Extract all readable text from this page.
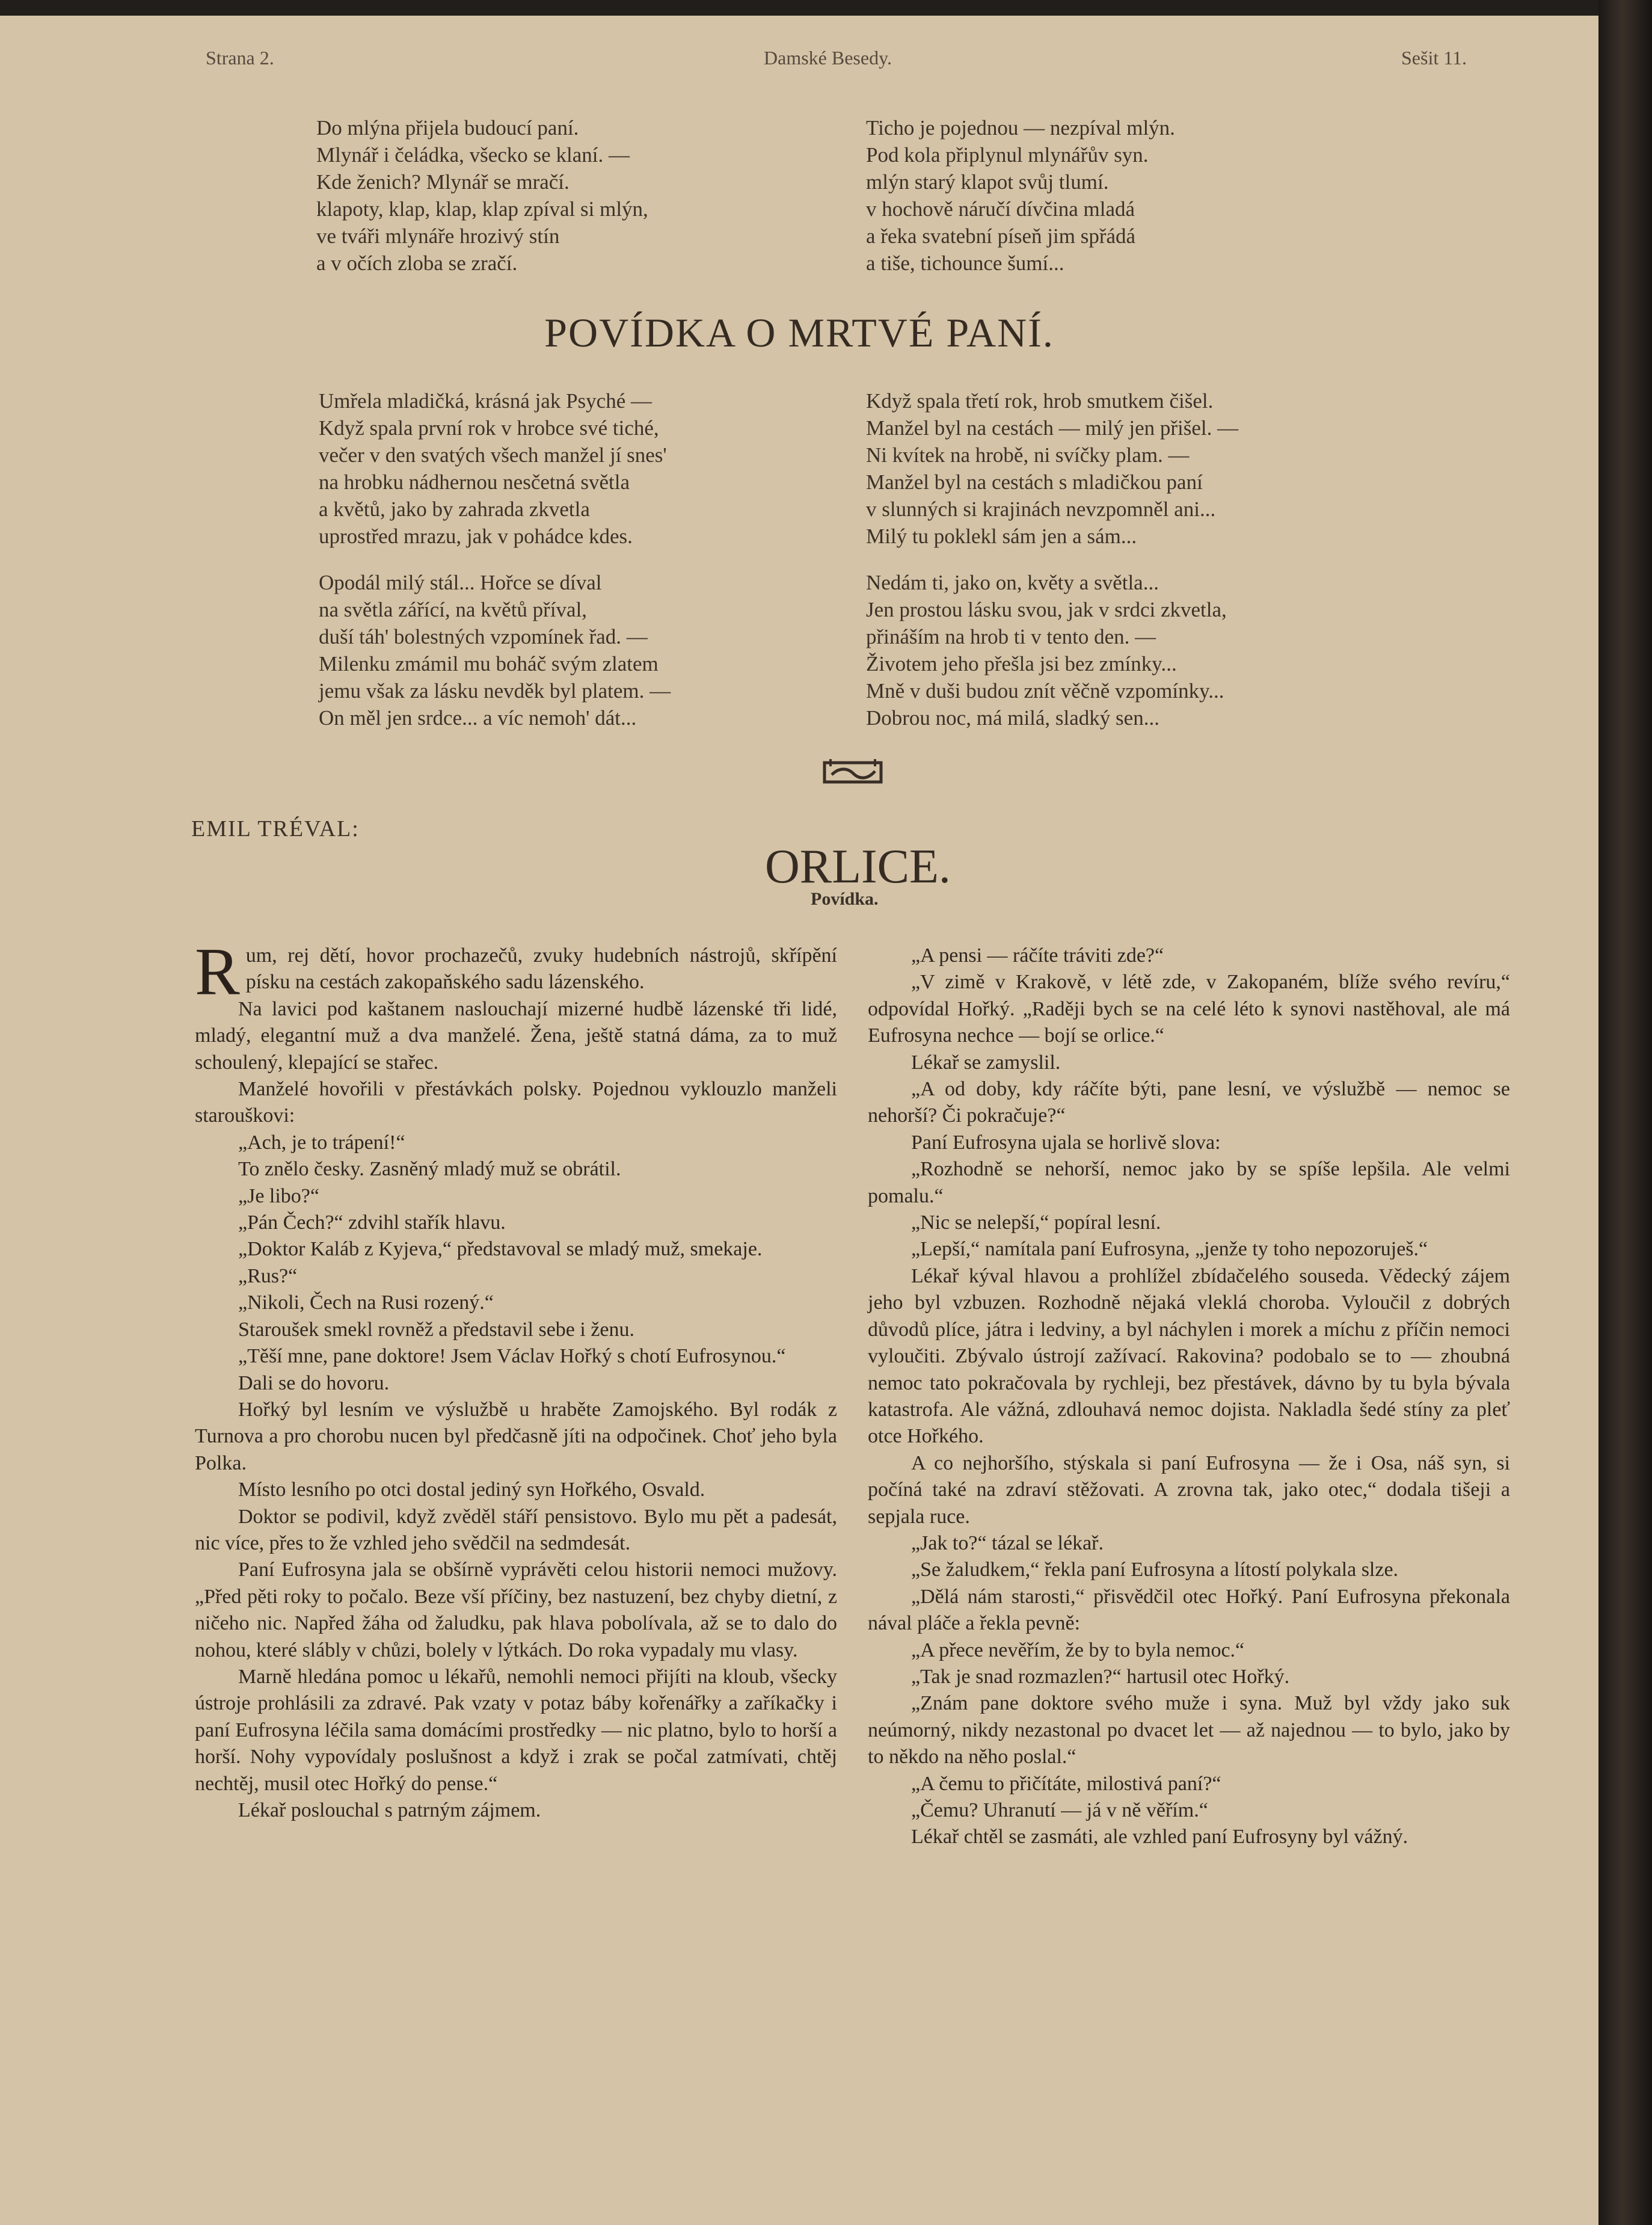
Strana 2.	Damské Besedy.	Sešit 11.
Do mlýna přijela budoucí paní.
Mlynář i čeládka, všecko se klaní. —
Kde ženich? Mlynář se mračí.
klapoty, klap, klap, klap zpíval si mlýn,
ve tváři mlynáře hrozivý stín
a v očích zloba se zračí.
Ticho je pojednou — nezpíval mlýn.
Pod kola připlynul mlynářův syn.
mlýn starý klapot svůj tlumí.
v hochově náručí dívčina mladá
a řeka svatební píseň jim spřádá
a tiše, tichounce šumí...
POVÍDKA O MRTVÉ PANÍ.
Umřela mladičká, krásná jak Psyché —
Když spala první rok v hrobce své tiché,
večer v den svatých všech manžel jí snes'
na hrobku nádhernou nesčetná světla
a květů, jako by zahrada zkvetla
uprostřed mrazu, jak v pohádce kdes.
Opodál milý stál... Hořce se díval
na světla zářící, na květů příval,
duší táh' bolestných vzpomínek řad. —
Milenku zmámil mu boháč svým zlatem
jemu však za lásku nevděk byl platem. —
On měl jen srdce... a víc nemoh' dát...
Když spala třetí rok, hrob smutkem čišel.
Manžel byl na cestách — milý jen přišel. —
Ni kvítek na hrobě, ni svíčky plam. —
Manžel byl na cestách s mladičkou paní
v slunných si krajinách nevzpomněl ani...
Milý tu poklekl sám jen a sám...
Nedám ti, jako on, květy a světla...
Jen prostou lásku svou, jak v srdci zkvetla,
přináším na hrob ti v tento den. —
Životem jeho přešla jsi bez zmínky...
Mně v duši budou znít věčně vzpomínky...
Dobrou noc, má milá, sladký sen...
EMIL TRÉVAL:
ORLICE.
Povídka.

Rum, rej dětí, hovor prochazečů, zvuky hudebních nástrojů, skřípění písku na cestách zakopaňského sadu lázenského.

Na lavici pod kaštanem naslouchají mizerné hudbě lázenské tři lidé, mladý, elegantní muž a dva manželé. Žena, ještě statná dáma, za to muž schoulený, klepající se stařec.

Manželé hovořili v přestávkách polsky. Pojednou vyklouzlo manželi staroušk​ovi:

„Ach, je to trápení!“

To znělo česky. Zasněný mladý muž se obrátil.

„Je libo?“

„Pán Čech?“ zdvihl stařík hlavu.

„Doktor Kaláb z Kyjeva,“ představoval se mladý muž, smekaje.

„Rus?“

„Nikoli, Čech na Rusi rozený.“

Staroušek smekl rovněž a představil sebe i ženu.

„Těší mne, pane doktore! Jsem Václav Hořký s chotí Eufrosynou.“

Dali se do hovoru.

Hořký byl lesním ve výslužbě u hraběte Zamojského. Byl rodák z Turnova a pro chorobu nucen byl předčasně jíti na odpočinek. Choť jeho byla Polka.

Místo lesního po otci dostal jediný syn Hořkého, Osvald.

Doktor se podivil, když zvěděl stáří pensistovo. Bylo mu pět a padesát, nic více, přes to že vzhled jeho svědčil na sedmdesát.

Paní Eufrosyna jala se obšírně vyprávěti celou historii nemoci mužovy. „Před pěti roky to počalo. Beze vší příčiny, bez nastuzení, bez chyby dietní, z ničeho nic. Napřed žáha od žaludku, pak hlava pobolívala, až se to dalo do nohou, které slábly v chůzi, bolely v lýtkách. Do roka vypadaly mu vlasy.

Marně hledána pomoc u lékařů, nemohli nemoci přijíti na kloub, všecky ústroje prohlásili za zdravé. Pak vzaty v potaz báby kořenářky a zaříkačky i paní Eufrosyna léčila sama domácími prostředky — nic platno, bylo to horší a horší. Nohy vypovídaly poslušnost a když i zrak se počal zatmívati, chtěj nechtěj, musil otec Hořký do pense.“

Lékař poslouchal s patrným zájmem.

„A pensi — ráčíte tráviti zde?“

„V zimě v Krakově, v létě zde, v Zakopaném, blíže svého revíru,“ odpovídal Hořký. „Raději bych se na celé léto k synovi nastěhoval, ale má Eufrosyna nechce — bojí se orlice.“

Lékař se zamyslil.

„A od doby, kdy ráčíte býti, pane lesní, ve výslužbě — nemoc se nehorší? Či pokračuje?“

Paní Eufrosyna ujala se horlivě slova:

„Rozhodně se nehorší, nemoc jako by se spíše lepšila. Ale velmi pomalu.“

„Nic se nelepší,“ popíral lesní.

„Lepší,“ namítala paní Eufrosyna, „jenže ty toho nepozoruješ.“

Lékař kýval hlavou a prohlížel zbídačelého souseda. Vědecký zájem jeho byl vzbuzen. Rozhodně nějaká vleklá choroba. Vyloučil z dobrých důvodů plíce, játra i ledviny, a byl náchylen i morek a míchu z příčin nemoci vyloučiti. Zbývalo ústrojí zažívací. Rakovina? podobalo se to — zhoubná nemoc tato pokračovala by rychleji, bez přestávek, dávno by tu byla bývala katastrofa. Ale vážná, zdlouhavá nemoc dojista. Nakladla šedé stíny za pleť otce Hořkého.

A co nejhoršího, stýskala si paní Eufrosyna — že i Osa, náš syn, si počíná také na zdraví stěžovati. A zrovna tak, jako otec,“ dodala tišeji a sepjala ruce.

„Jak to?“ tázal se lékař.

„Se žaludkem,“ řekla paní Eufrosyna a lítostí polykala slze.

„Dělá nám starosti,“ přisvědčil otec Hořký. Paní Eufrosyna překonala nával pláče a řekla pevně:

„A přece nevěřím, že by to byla nemoc.“

„Tak je snad rozmazlen?“ hartusil otec Hořký.

„Znám pane doktore svého muže i syna. Muž byl vždy jako suk neúmorný, nikdy nezastonal po dvacet let — až najednou — to bylo, jako by to někdo na něho poslal.“

„A čemu to přičítáte, milostivá paní?“

„Čemu? Uhranutí — já v ně věřím.“

Lékař chtěl se zasmáti, ale vzhled paní Eufrosyny byl vážný.
